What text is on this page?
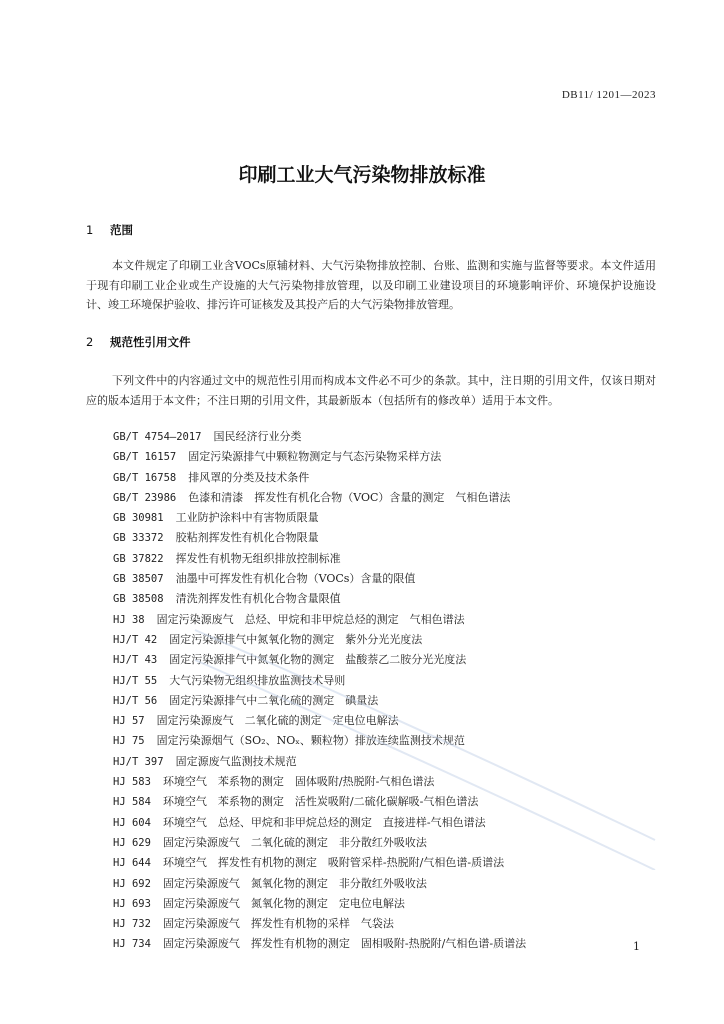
DB11/ 1201—2023
印刷工业大气污染物排放标准
1 范围

本文件规定了印刷工业含VOCs原辅材料、大气污染物排放控制、台账、监测和实施与监督等要求。本文件适用于现有印刷工业企业或生产设施的大气污染物排放管理，以及印刷工业建设项目的环境影响评价、环境保护设施设计、竣工环境保护验收、排污许可证核发及其投产后的大气污染物排放管理。

2 规范性引用文件

下列文件中的内容通过文中的规范性引用而构成本文件必不可少的条款。其中，注日期的引用文件，仅该日期对应的版本适用于本文件；不注日期的引用文件，其最新版本（包括所有的修改单）适用于本文件。

GB/T 4754—2017 国民经济行业分类
GB/T 16157 固定污染源排气中颗粒物测定与气态污染物采样方法
GB/T 16758 排风罩的分类及技术条件
GB/T 23986 色漆和清漆　挥发性有机化合物（VOC）含量的测定　气相色谱法
GB 30981 工业防护涂料中有害物质限量
GB 33372 胶粘剂挥发性有机化合物限量
GB 37822 挥发性有机物无组织排放控制标准
GB 38507 油墨中可挥发性有机化合物（VOCs）含量的限值
GB 38508 清洗剂挥发性有机化合物含量限值
HJ 38 固定污染源废气　总烃、甲烷和非甲烷总烃的测定　气相色谱法
HJ/T 42 固定污染源排气中氮氧化物的测定　紫外分光光度法
HJ/T 43 固定污染源排气中氮氧化物的测定　盐酸萘乙二胺分光光度法
HJ/T 55 大气污染物无组织排放监测技术导则
HJ/T 56 固定污染源排气中二氧化硫的测定　碘量法
HJ 57 固定污染源废气　二氧化硫的测定　定电位电解法
HJ 75 固定污染源烟气（SO₂、NOₓ、颗粒物）排放连续监测技术规范
HJ/T 397 固定源废气监测技术规范
HJ 583 环境空气　苯系物的测定　固体吸附/热脱附-气相色谱法
HJ 584 环境空气　苯系物的测定　活性炭吸附/二硫化碳解吸-气相色谱法
HJ 604 环境空气　总烃、甲烷和非甲烷总烃的测定　直接进样-气相色谱法
HJ 629 固定污染源废气　二氧化硫的测定　非分散红外吸收法
HJ 644 环境空气　挥发性有机物的测定　吸附管采样-热脱附/气相色谱-质谱法
HJ 692 固定污染源废气　氮氧化物的测定　非分散红外吸收法
HJ 693 固定污染源废气　氮氧化物的测定　定电位电解法
HJ 732 固定污染源废气　挥发性有机物的采样　气袋法
HJ 734 固定污染源废气　挥发性有机物的测定　固相吸附-热脱附/气相色谱-质谱法	1
